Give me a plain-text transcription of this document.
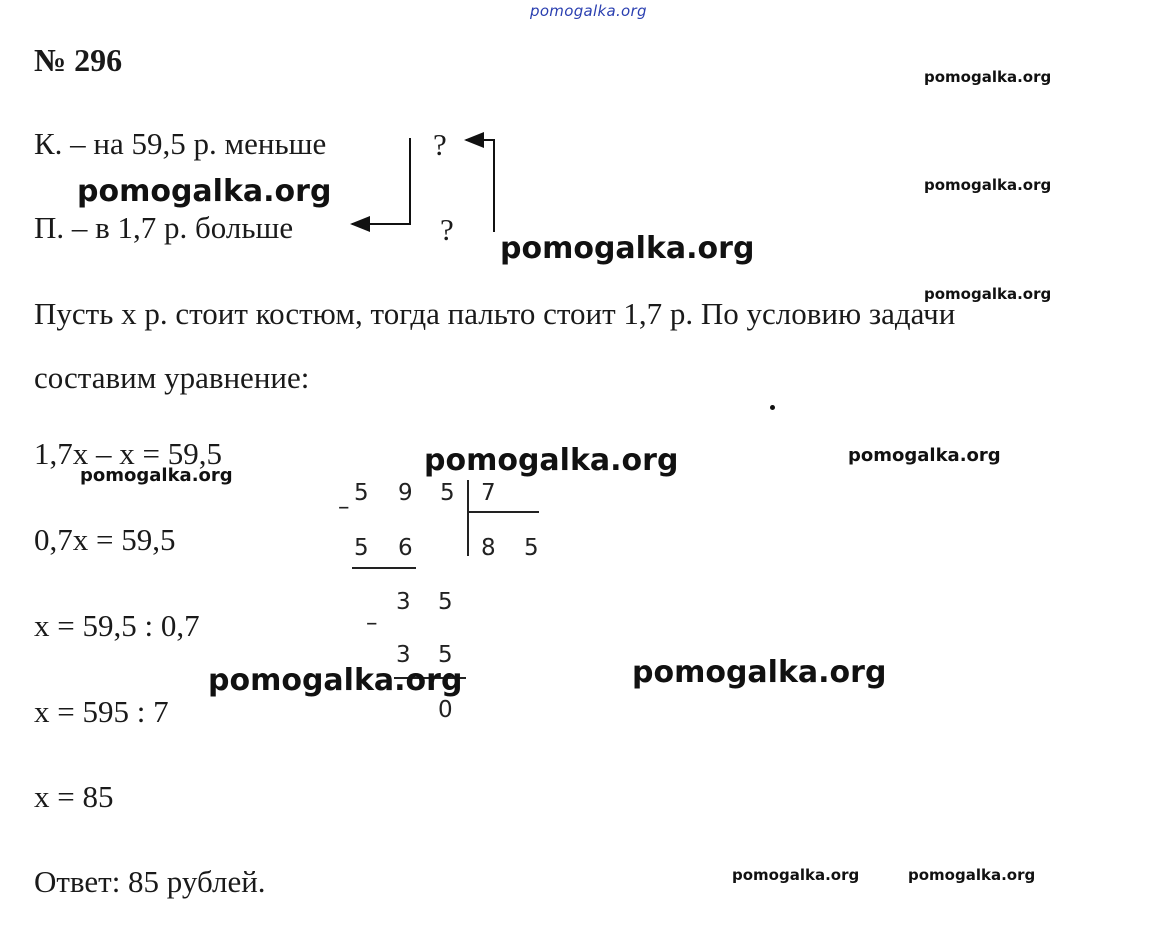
pomogalka.org
№ 296
К. – на 59,5 р. меньше
П. – в 1,7 р. больше
?
?
Пусть x р. стоит костюм, тогда пальто стоит 1,7 р. По условию задачи
составим уравнение:
1,7x – x = 59,5
0,7x = 59,5
x = 59,5 : 0,7
x = 595 : 7
x = 85
Ответ: 85 рублей.
5 9 5 7
–
5 6	8 5
3 5
–
3 5
0
pomogalka.org
pomogalka.org	pomogalka.org
pomogalka.org
pomogalka.org
pomogalka.org	pomogalka.org
pomogalka.org
pomogalka.org
pomogalka.org
pomogalka.org	pomogalka.org
